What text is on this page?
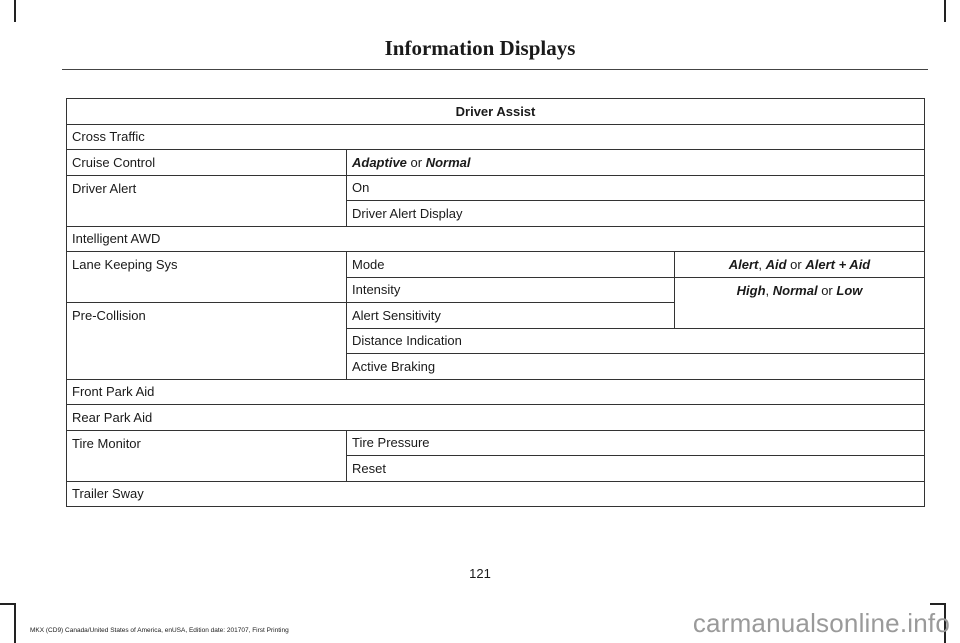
Information Displays
Driver Assist		
Cross Traffic		
Cruise Control	Adaptive or Normal	
Driver Alert	On	
	Driver Alert Display	
Intelligent AWD		
Lane Keeping Sys	Mode	Alert, Aid or Alert + Aid
	Intensity	High, Normal or Low
Pre-Collision	Alert Sensitivity	
	Distance Indication	
	Active Braking	
Front Park Aid		
Rear Park Aid		
Tire Monitor	Tire Pressure	
	Reset	
Trailer Sway		
121
MKX (CD9) Canada/United States of America, enUSA, Edition date: 201707, First Printing	carmanualsonline.info
